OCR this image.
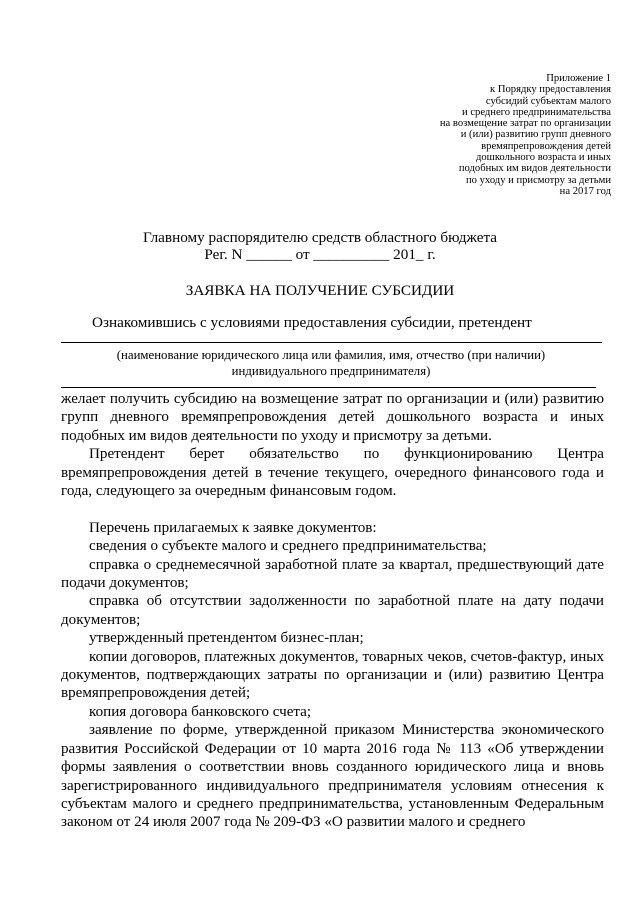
Приложение 1
к Порядку предоставления
субсидий субъектам малого
и среднего предпринимательства
на возмещение затрат по организации
и (или) развитию групп дневного
времяпрепровождения детей
дошкольного возраста и иных
подобных им видов деятельности
по уходу и присмотру за детьми
на 2017 год
Главному распорядителю средств областного бюджета
Рег. N ______ от __________ 201_ г.
ЗАЯВКА НА ПОЛУЧЕНИЕ СУБСИДИИ
Ознакомившись с условиями предоставления субсидии, претендент
(наименование юридического лица или фамилия, имя, отчество (при наличии)
индивидуального предпринимателя)
желает получить субсидию на возмещение затрат по организации и (или) развитию групп дневного времяпрепровождения детей дошкольного возраста и иных подобных им видов деятельности по уходу и присмотру за детьми.
Претендент берет обязательство по функционированию Центра времяпрепровождения детей в течение текущего, очередного финансового года и года, следующего за очередным финансовым годом.
Перечень прилагаемых к заявке документов:
сведения о субъекте малого и среднего предпринимательства;
справка о среднемесячной заработной плате за квартал, предшествующий дате подачи документов;
справка об отсутствии задолженности по заработной плате на дату подачи документов;
утвержденный претендентом бизнес-план;
копии договоров, платежных документов, товарных чеков, счетов-фактур, иных документов, подтверждающих затраты по организации и (или) развитию Центра времяпрепровождения детей;
копия договора банковского счета;
заявление по форме, утвержденной приказом Министерства экономического развития Российской Федерации от 10 марта 2016 года № 113 «Об утверждении формы заявления о соответствии вновь созданного юридического лица и вновь зарегистрированного индивидуального предпринимателя условиям отнесения к субъектам малого и среднего предпринимательства, установленным Федеральным законом от 24 июля 2007 года № 209-ФЗ «О развитии малого и среднего
